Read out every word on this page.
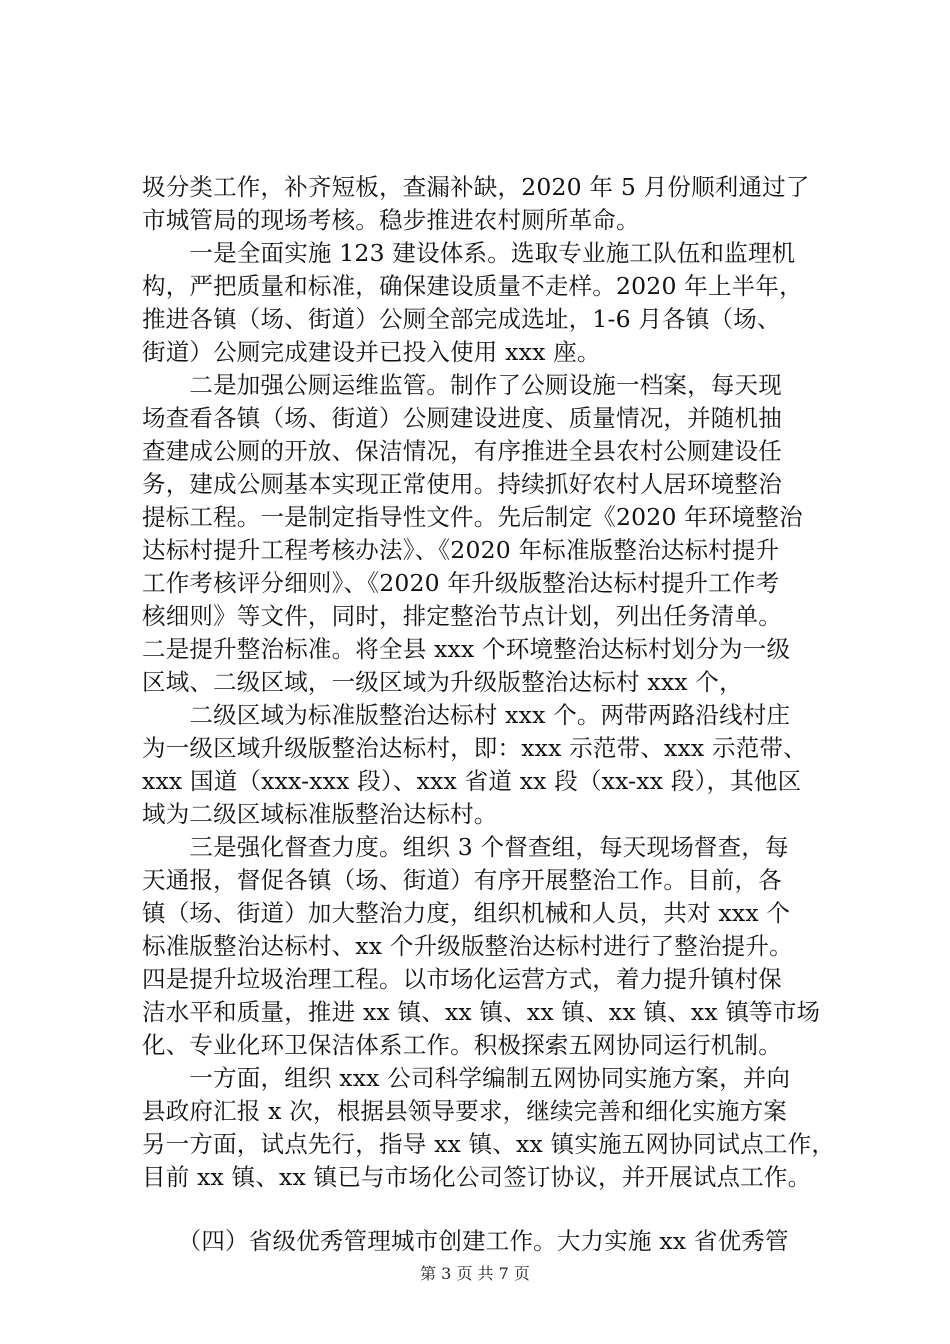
圾分类工作，补齐短板，查漏补缺，2020 年 5 月份顺利通过了
市城管局的现场考核。稳步推进农村厕所革命。
　　一是全面实施 123 建设体系。选取专业施工队伍和监理机
构，严把质量和标准，确保建设质量不走样。2020 年上半年，
推进各镇（场、街道）公厕全部完成选址，1-6 月各镇（场、
街道）公厕完成建设并已投入使用 xxx 座。
　　二是加强公厕运维监管。制作了公厕设施一档案，每天现
场查看各镇（场、街道）公厕建设进度、质量情况，并随机抽
查建成公厕的开放、保洁情况，有序推进全县农村公厕建设任
务，建成公厕基本实现正常使用。持续抓好农村人居环境整治
提标工程。一是制定指导性文件。先后制定《2020 年环境整治
达标村提升工程考核办法》、《2020 年标准版整治达标村提升
工作考核评分细则》、《2020 年升级版整治达标村提升工作考
核细则》等文件，同时，排定整治节点计划，列出任务清单。
二是提升整治标准。将全县 xxx 个环境整治达标村划分为一级
区域、二级区域，一级区域为升级版整治达标村 xxx 个，
　　二级区域为标准版整治达标村 xxx 个。两带两路沿线村庄
为一级区域升级版整治达标村，即：xxx 示范带、xxx 示范带、
xxx 国道（xxx-xxx 段）、xxx 省道 xx 段（xx-xx 段），其他区
域为二级区域标准版整治达标村。
　　三是强化督查力度。组织 3 个督查组，每天现场督查，每
天通报，督促各镇（场、街道）有序开展整治工作。目前，各
镇（场、街道）加大整治力度，组织机械和人员，共对 xxx 个
标准版整治达标村、xx 个升级版整治达标村进行了整治提升。
四是提升垃圾治理工程。以市场化运营方式，着力提升镇村保
洁水平和质量，推进 xx 镇、xx 镇、xx 镇、xx 镇、xx 镇等市场
化、专业化环卫保洁体系工作。积极探索五网协同运行机制。
　　一方面，组织 xxx 公司科学编制五网协同实施方案，并向
县政府汇报 x 次，根据县领导要求，继续完善和细化实施方案
另一方面，试点先行，指导 xx 镇、xx 镇实施五网协同试点工作，
目前 xx 镇、xx 镇已与市场化公司签订协议，并开展试点工作。
　　（四）省级优秀管理城市创建工作。大力实施 xx 省优秀管
第 3 页 共 7 页
